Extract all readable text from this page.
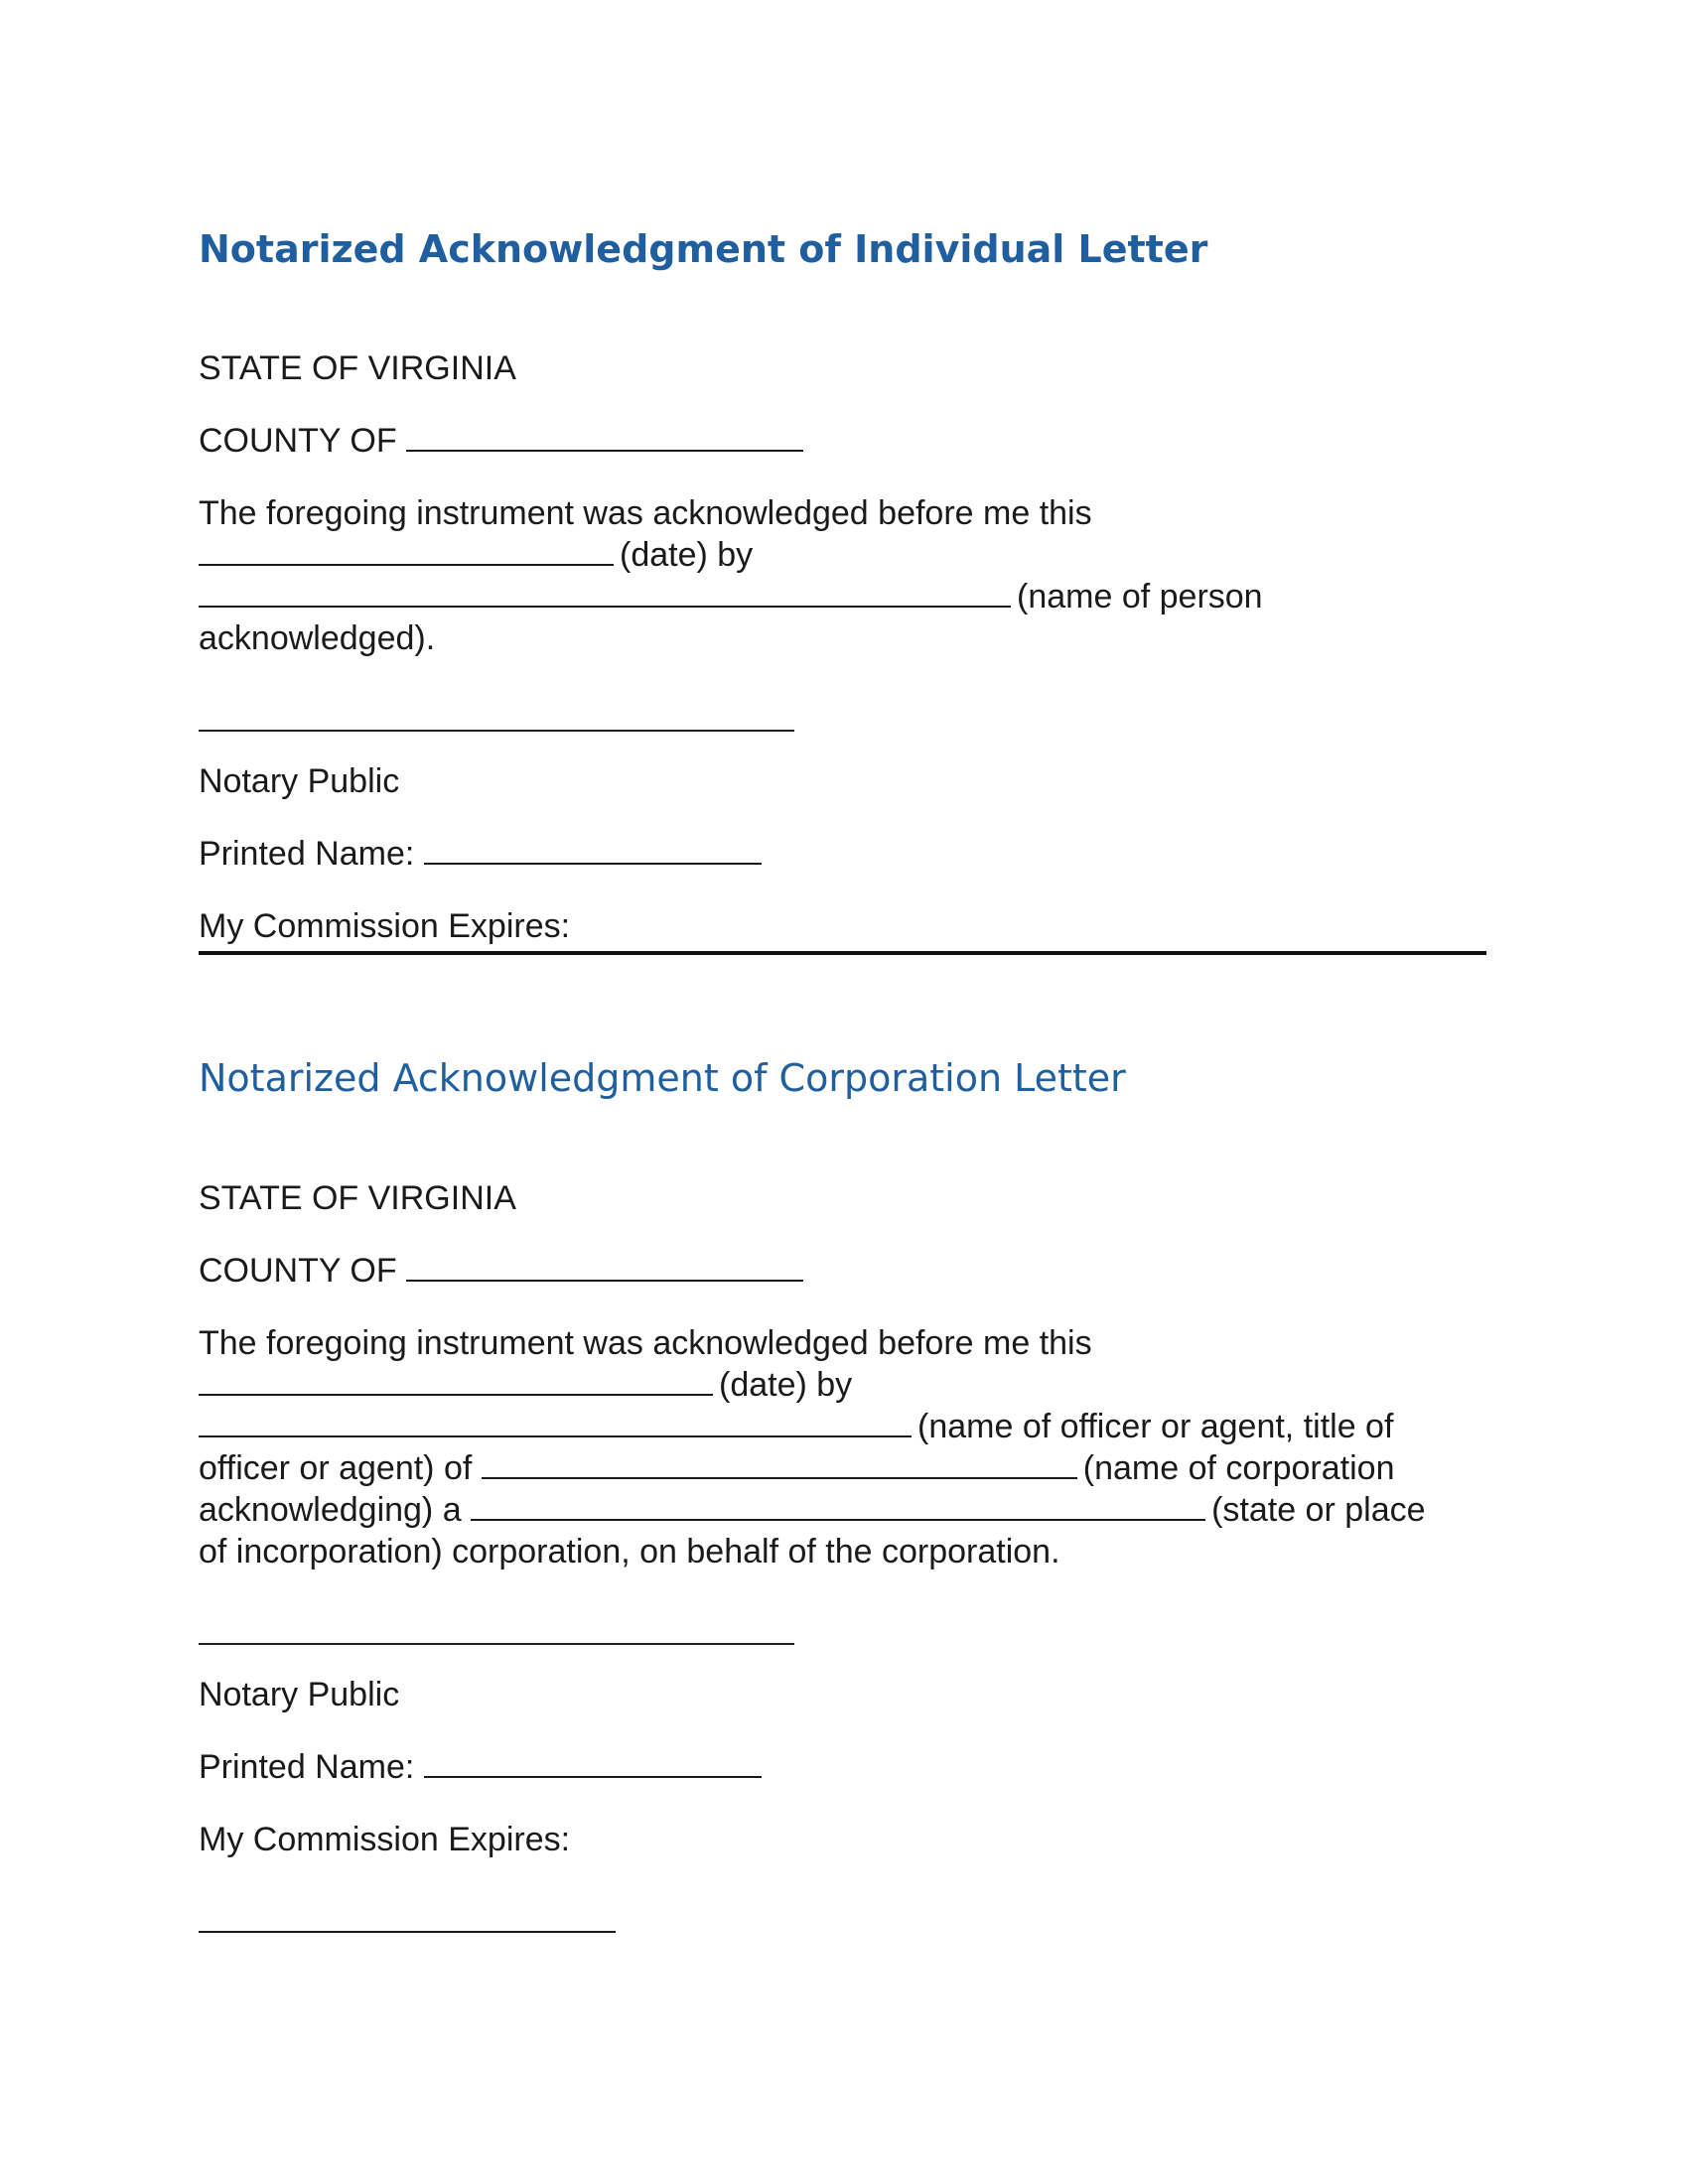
Notarized Acknowledgment of Individual Letter

STATE OF VIRGINIA

COUNTY OF

The foregoing instrument was acknowledged before me this

(date) by

(name of person

acknowledged).

Notary Public

Printed Name:

My Commission Expires:

Notarized Acknowledgment of Corporation Letter

STATE OF VIRGINIA

COUNTY OF

The foregoing instrument was acknowledged before me this

(date) by

(name of officer or agent, title of

officer or agent) of	(name of corporation

acknowledging) a	(state or place

of incorporation) corporation, on behalf of the corporation.

Notary Public

Printed Name:

My Commission Expires:
